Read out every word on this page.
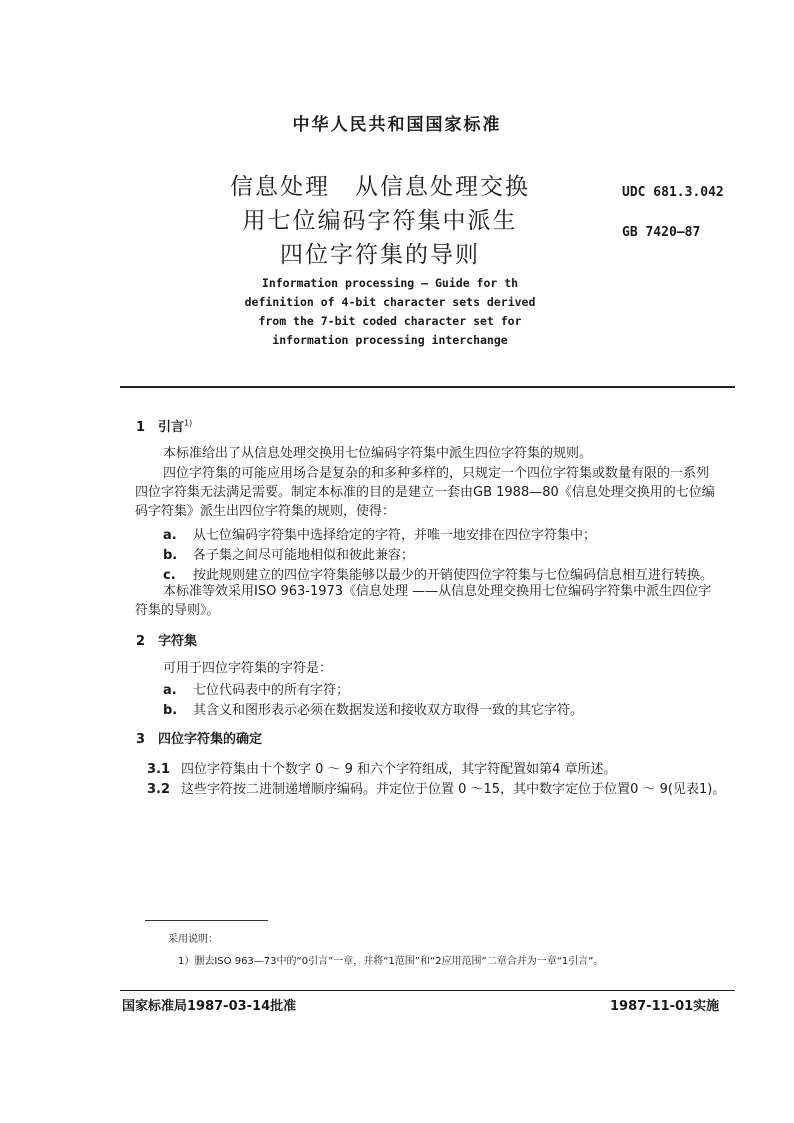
中华人民共和国国家标准
信息处理　从信息处理交换
用七位编码字符集中派生
四位字符集的导则
UDC 681.3.042
GB 7420—87
Information processing — Guide for th
definition of 4-bit character sets derived
from the 7-bit coded character set for
information processing interchange
1 引言$^{1)}$
本标准给出了从信息处理交换用七位编码字符集中派生四位字符集的规则。
四位字符集的可能应用场合是复杂的和多种多样的，只规定一个四位字符集或数量有限的一系列
四位字符集无法满足需要。制定本标准的目的是建立一套由GB 1988—80《信息处理交换用的七位编
码字符集》派生出四位字符集的规则，使得：
a. 从七位编码字符集中选择给定的字符，并唯一地安排在四位字符集中；
b. 各子集之间尽可能地相似和彼此兼容；
c. 按此规则建立的四位字符集能够以最少的开销使四位字符集与七位编码信息相互进行转换。
本标准等效采用ISO 963-1973《信息处理 ——从信息处理交换用七位编码字符集中派生四位字
符集的导则》。
2 字符集
可用于四位字符集的字符是：
a. 七位代码表中的所有字符；
b. 其含义和图形表示必须在数据发送和接收双方取得一致的其它字符。
3 四位字符集的确定
3.1 四位字符集由十个数字 0 ～ 9 和六个字符组成，其字符配置如第4 章所述。
3.2 这些字符按二进制递增顺序编码。并定位于位置 0 ～15，其中数字定位于位置0 ～ 9(见表1)。
采用说明：
1）删去ISO 963—73中的“0引言”一章，并将“1范围”和“2应用范围”二章合并为一章“1引言”。
国家标准局1987-03-14批准	1987-11-01实施
